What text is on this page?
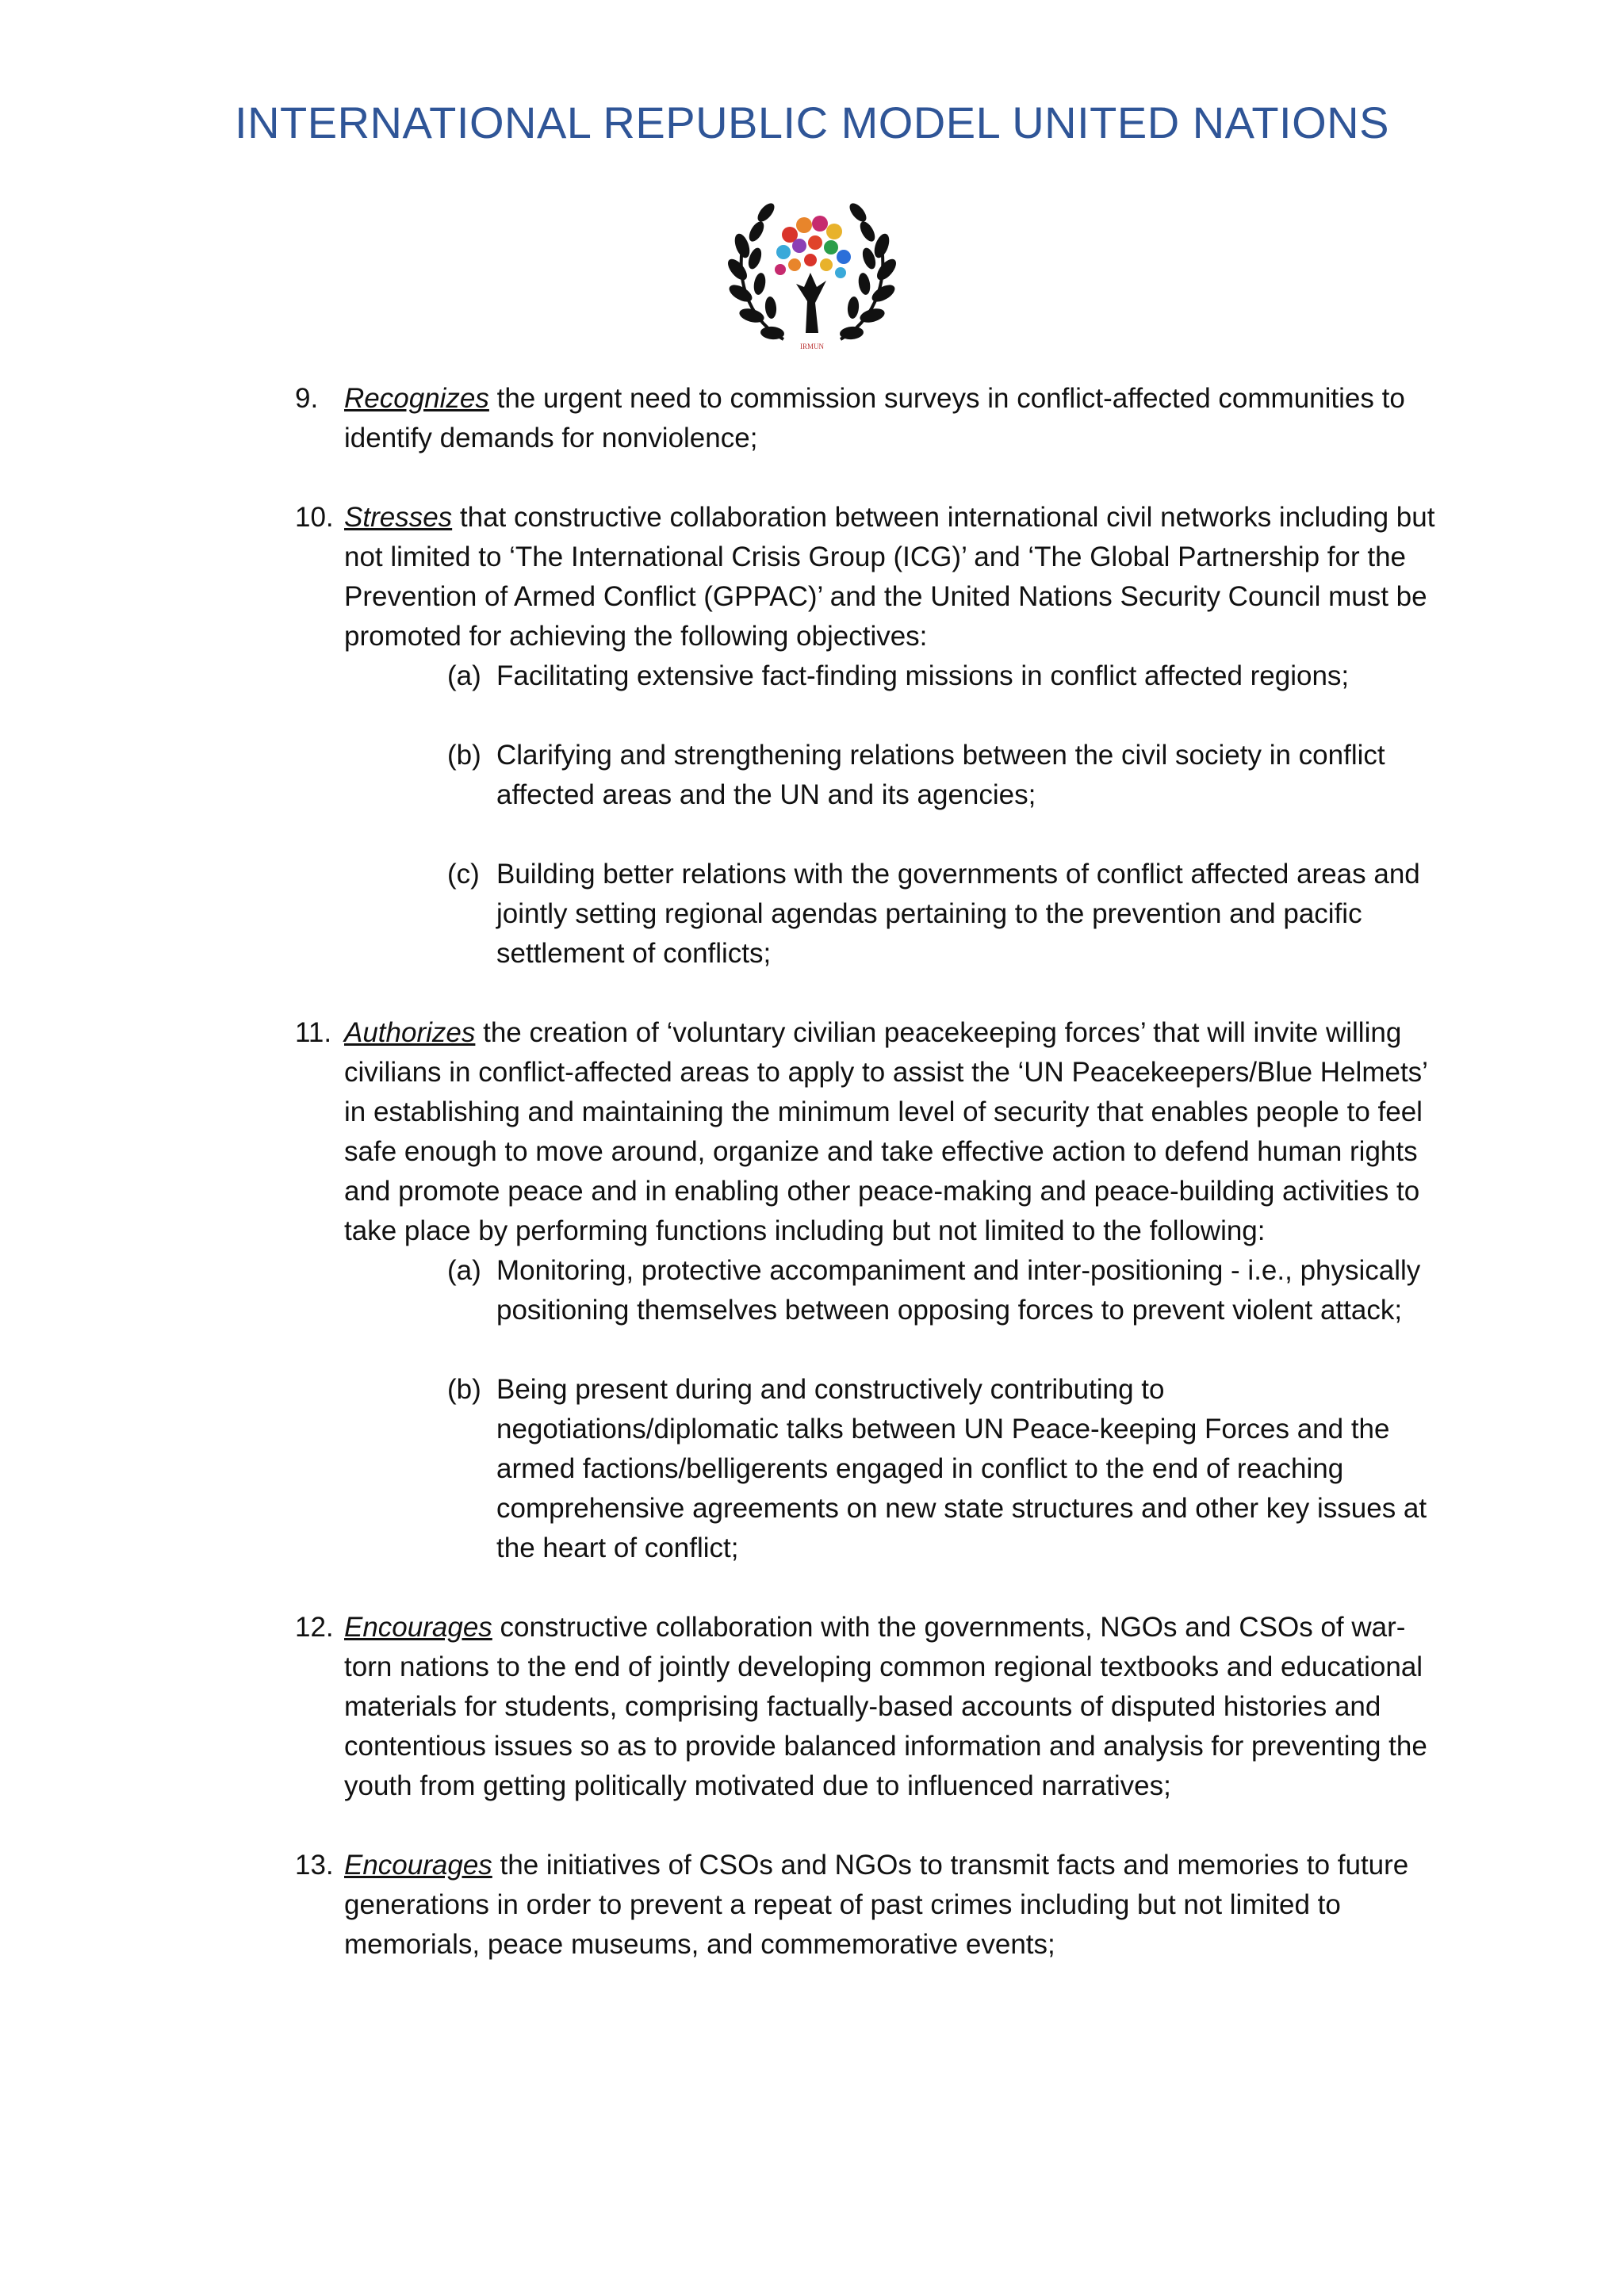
INTERNATIONAL REPUBLIC MODEL UNITED NATIONS
IRMUN
9. Recognizes the urgent need to commission surveys in conflict-affected communities to identify demands for nonviolence;
10. Stresses that constructive collaboration between international civil networks including but not limited to ‘The International Crisis Group (ICG)’ and ‘The Global Partnership for the Prevention of Armed Conflict (GPPAC)’ and the United Nations Security Council must be promoted for achieving the following objectives:
(a) Facilitating extensive fact-finding missions in conflict affected regions;
(b) Clarifying and strengthening relations between the civil society in conflict affected areas and the UN and its agencies;
(c) Building better relations with the governments of conflict affected areas and jointly setting regional agendas pertaining to the prevention and pacific settlement of conflicts;
11. Authorizes the creation of ‘voluntary civilian peacekeeping forces’ that will invite willing civilians in conflict-affected areas to apply to assist the ‘UN Peacekeepers/Blue Helmets’ in establishing and maintaining the minimum level of security that enables people to feel safe enough to move around, organize and take effective action to defend human rights and promote peace and in enabling other peace-making and peace-building activities to take place by performing functions including but not limited to the following:
(a) Monitoring, protective accompaniment and inter-positioning - i.e., physically positioning themselves between opposing forces to prevent violent attack;
(b) Being present during and constructively contributing to negotiations/diplomatic talks between UN Peace-keeping Forces and the armed factions/belligerents engaged in conflict to the end of reaching comprehensive agreements on new state structures and other key issues at the heart of conflict;
12. Encourages constructive collaboration with the governments, NGOs and CSOs of war-torn nations to the end of jointly developing common regional textbooks and educational materials for students, comprising factually-based accounts of disputed histories and contentious issues so as to provide balanced information and analysis for preventing the youth from getting politically motivated due to influenced narratives;
13. Encourages the initiatives of CSOs and NGOs to transmit facts and memories to future generations in order to prevent a repeat of past crimes including but not limited to memorials, peace museums, and commemorative events;
